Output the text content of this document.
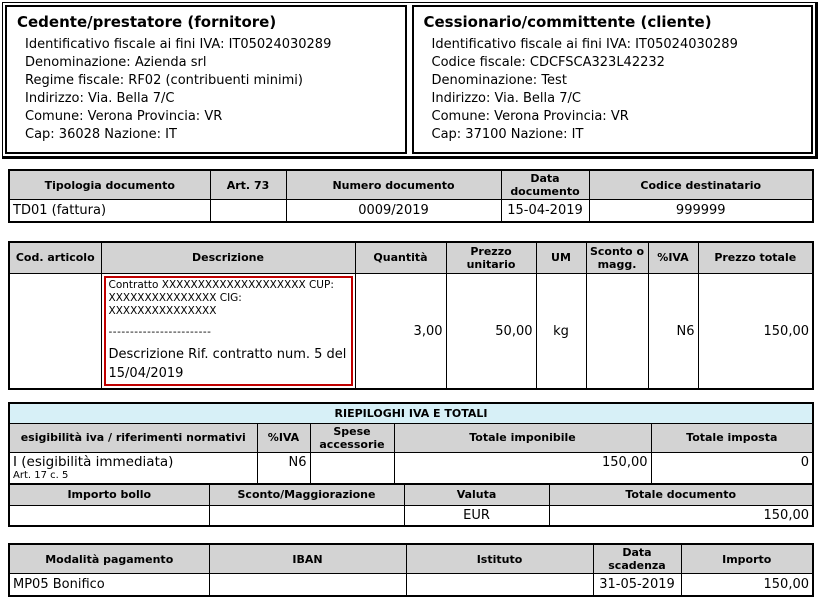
Cedente/prestatore (fornitore)
Identificativo fiscale ai fini IVA: IT05024030289
Denominazione: Azienda srl
Regime fiscale: RF02 (contribuenti minimi)
Indirizzo: Via. Bella 7/C
Comune: Verona Provincia: VR
Cap: 36028 Nazione: IT
Cessionario/committente (cliente)
Identificativo fiscale ai fini IVA: IT05024030289
Codice fiscale: CDCFSCA323L42232
Denominazione: Test
Indirizzo: Via. Bella 7/C
Comune: Verona Provincia: VR
Cap: 37100 Nazione: IT
Tipologia documento	Art. 73	Numero documento	Data documento	Codice destinatario
TD01 (fattura)		0009/2019	15-04-2019	999999
Cod. articolo	Descrizione	Quantità	Prezzo unitario	UM	Sconto o magg.	%IVA	Prezzo totale

	Contratto XXXXXXXXXXXXXXXXXXXX CUP: XXXXXXXXXXXXXXX CIG: XXXXXXXXXXXXXXX
------------------------
Descrizione Rif. contratto num. 5 del 15/04/2019	3,00	50,00	kg		N6	150,00
RIEPILOGHI IVA E TOTALI				
esigibilità iva / riferimenti normativi	%IVA	Spese accessorie	Totale imponibile	Totale imposta

I (esigibilità immediata)
Art. 17 c. 5	N6		150,00	0
Importo bollo	Sconto/Maggiorazione	Valuta	Totale documento
		EUR	150,00
Modalità pagamento	IBAN	Istituto	Data scadenza	Importo
MP05 Bonifico			31-05-2019	150,00
